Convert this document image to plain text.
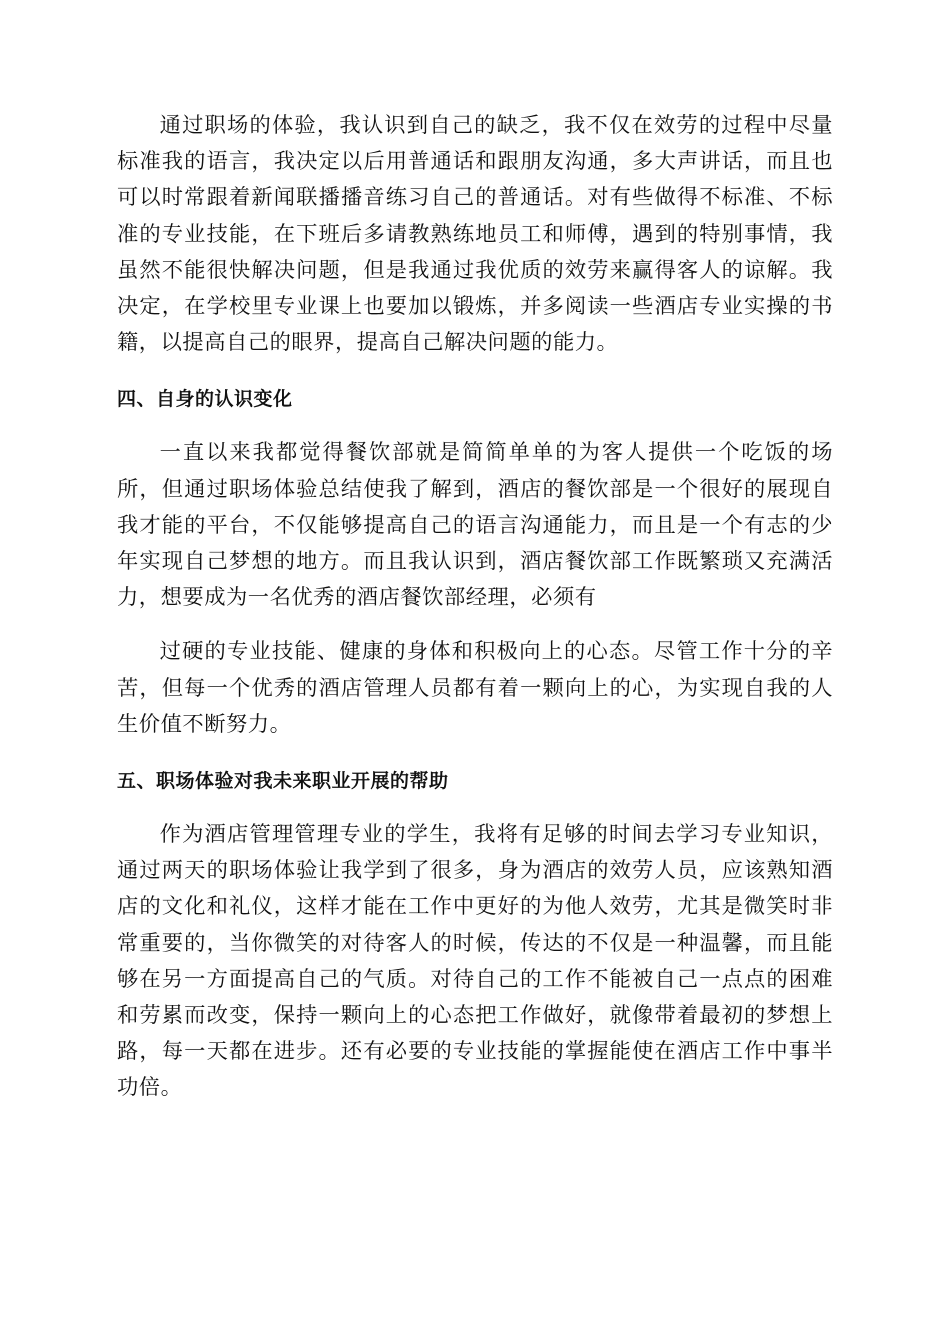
通过职场的体验，我认识到自己的缺乏，我不仅在效劳的过程中尽量标准我的语言，我决定以后用普通话和跟朋友沟通，多大声讲话，而且也可以时常跟着新闻联播播音练习自己的普通话。对有些做得不标准、不标准的专业技能，在下班后多请教熟练地员工和师傅，遇到的特别事情，我虽然不能很快解决问题，但是我通过我优质的效劳来赢得客人的谅解。我决定，在学校里专业课上也要加以锻炼，并多阅读一些酒店专业实操的书籍，以提高自己的眼界，提高自己解决问题的能力。

四、自身的认识变化

一直以来我都觉得餐饮部就是简简单单的为客人提供一个吃饭的场所，但通过职场体验总结使我了解到，酒店的餐饮部是一个很好的展现自我才能的平台，不仅能够提高自己的语言沟通能力，而且是一个有志的少年实现自己梦想的地方。而且我认识到，酒店餐饮部工作既繁琐又充满活力，想要成为一名优秀的酒店餐饮部经理，必须有

过硬的专业技能、健康的身体和积极向上的心态。尽管工作十分的辛苦，但每一个优秀的酒店管理人员都有着一颗向上的心，为实现自我的人生价值不断努力。

五、职场体验对我未来职业开展的帮助

作为酒店管理管理专业的学生，我将有足够的时间去学习专业知识，通过两天的职场体验让我学到了很多，身为酒店的效劳人员，应该熟知酒店的文化和礼仪，这样才能在工作中更好的为他人效劳，尤其是微笑时非常重要的，当你微笑的对待客人的时候，传达的不仅是一种温馨，而且能够在另一方面提高自己的气质。对待自己的工作不能被自己一点点的困难和劳累而改变，保持一颗向上的心态把工作做好，就像带着最初的梦想上路，每一天都在进步。还有必要的专业技能的掌握能使在酒店工作中事半功倍。
